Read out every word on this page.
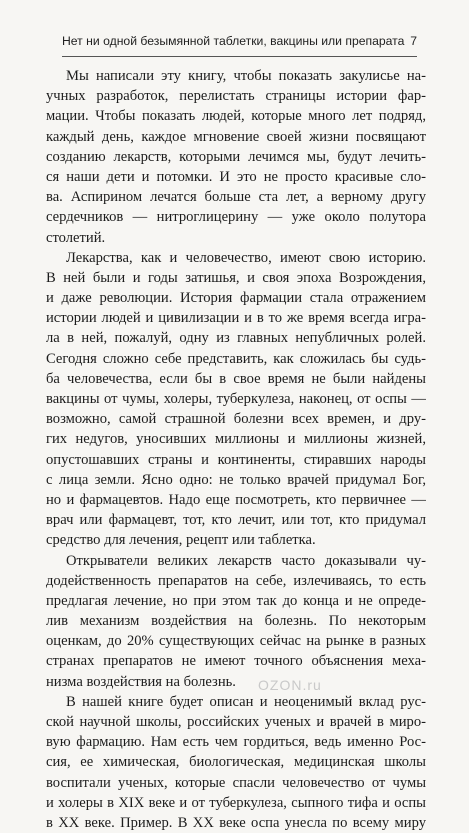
Нет ни одной безымянной таблетки, вакцины или препарата 7
Мы написали эту книгу, чтобы показать закулисье на-
учных разработок, перелистать страницы истории фар-
мации. Чтобы показать людей, которые много лет подряд,
каждый день, каждое мгновение своей жизни посвящают
созданию лекарств, которыми лечимся мы, будут лечить-
ся наши дети и потомки. И это не просто красивые сло-
ва. Аспирином лечатся больше ста лет, а верному другу
сердечников — нитроглицерину — уже около полутора
столетий.
Лекарства, как и человечество, имеют свою историю.
В ней были и годы затишья, и своя эпоха Возрождения,
и даже революции. История фармации стала отражением
истории людей и цивилизации и в то же время всегда игра-
ла в ней, пожалуй, одну из главных непубличных ролей.
Сегодня сложно себе представить, как сложилась бы судь-
ба человечества, если бы в свое время не были найдены
вакцины от чумы, холеры, туберкулеза, наконец, от оспы —
возможно, самой страшной болезни всех времен, и дру-
гих недугов, уносивших миллионы и миллионы жизней,
опустошавших страны и континенты, стиравших народы
с лица земли. Ясно одно: не только врачей придумал Бог,
но и фармацевтов. Надо еще посмотреть, кто первичнее —
врач или фармацевт, тот, кто лечит, или тот, кто придумал
средство для лечения, рецепт или таблетка.
Открыватели великих лекарств часто доказывали чу-
додейственность препаратов на себе, излечиваясь, то есть
предлагая лечение, но при этом так до конца и не опреде-
лив механизм воздействия на болезнь. По некоторым
оценкам, до 20% существующих сейчас на рынке в разных
странах препаратов не имеют точного объяснения меха-
низма воздействия на болезнь.
В нашей книге будет описан и неоценимый вклад рус-
ской научной школы, российских ученых и врачей в миро-
вую фармацию. Нам есть чем гордиться, ведь именно Рос-
сия, ее химическая, биологическая, медицинская школы
воспитали ученых, которые спасли человечество от чумы
и холеры в XIX веке и от туберкулеза, сыпного тифа и оспы
в XX веке. Пример. В XX веке оспа унесла по всему миру
OZON.ru
